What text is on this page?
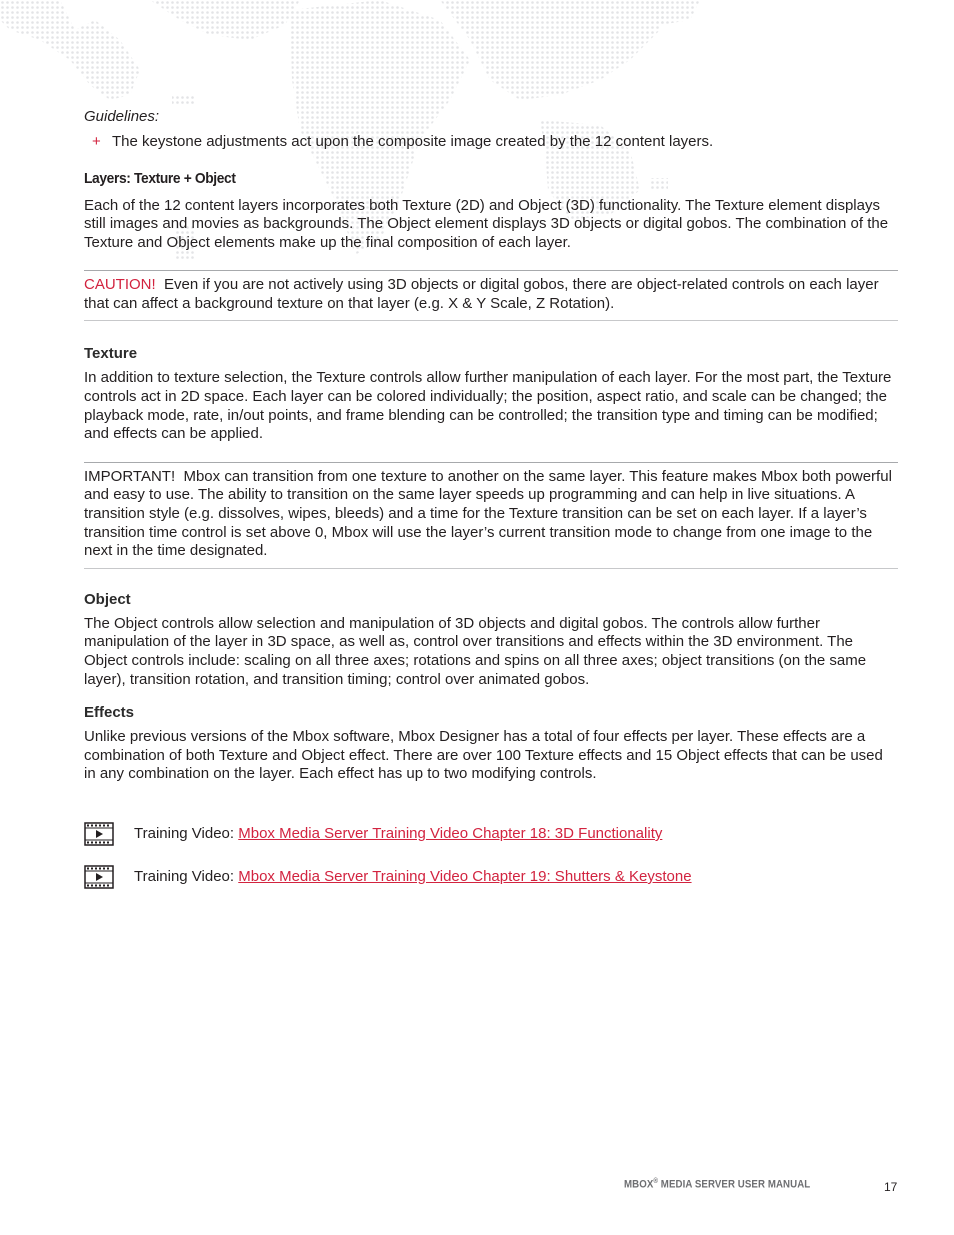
Guidelines:

+ The keystone adjustments act upon the composite image created by the 12 content layers.
Layers: Texture + Object

Each of the 12 content layers incorporates both Texture (2D) and Object (3D) functionality. The Texture element displays still images and movies as backgrounds. The Object element displays 3D objects or digital gobos. The combination of the Texture and Object elements make up the final composition of each layer.

CAUTION! Even if you are not actively using 3D objects or digital gobos, there are object-related controls on each layer that can affect a background texture on that layer (e.g. X & Y Scale, Z Rotation).
Texture

In addition to texture selection, the Texture controls allow further manipulation of each layer. For the most part, the Texture controls act in 2D space. Each layer can be colored individually; the position, aspect ratio, and scale can be changed; the playback mode, rate, in/out points, and frame blending can be controlled; the transition type and timing can be modified; and effects can be applied.

IMPORTANT! Mbox can transition from one texture to another on the same layer. This feature makes Mbox both powerful and easy to use. The ability to transition on the same layer speeds up programming and can help in live situations. A transition style (e.g. dissolves, wipes, bleeds) and a time for the Texture transition can be set on each layer. If a layer’s transition time control is set above 0, Mbox will use the layer’s current transition mode to change from one image to the next in the time designated.
Object

The Object controls allow selection and manipulation of 3D objects and digital gobos. The controls allow further manipulation of the layer in 3D space, as well as, control over transitions and effects within the 3D environment. The Object controls include: scaling on all three axes; rotations and spins on all three axes; object transitions (on the same layer), transition rotation, and transition timing; control over animated gobos.

Effects

Unlike previous versions of the Mbox software, Mbox Designer has a total of four effects per layer. These effects are a combination of both Texture and Object effect. There are over 100 Texture effects and 15 Object effects that can be used in any combination on the layer. Each effect has up to two modifying controls.

Training Video:
Mbox Media Server Training Video Chapter 18: 3D Functionality
Training Video:
Mbox Media Server Training Video Chapter 19: Shutters & Keystone
MBOX® MEDIA SERVER USER MANUAL	17
